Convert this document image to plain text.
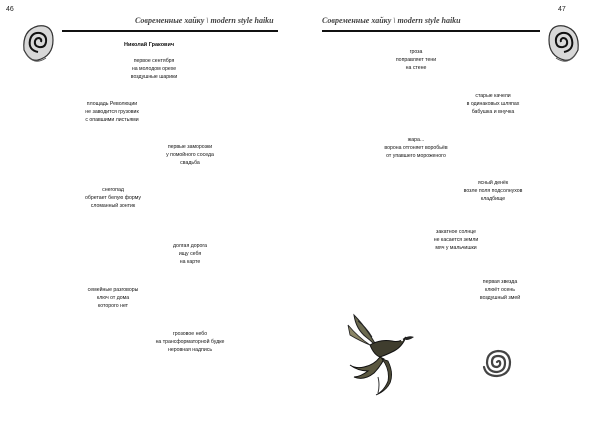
46
Современные хайку \ modern style haiku
Николай Гракович
первое сентября
на молодом орехе
воздушные шарики
площадь Революции
не заводится грузовик
с опавшими листьями
первые заморозки
у помойного соседа
свадьба
снегопад
обретает белую форму
сломанный зонтик
долгая дорога
ищу себя
на карте
семейные разговоры
ключ от дома
которого нет
грозовое небо
на трансформаторной будке
неровная надпись
47
Современные хайку \ modern style haiku
гроза
поправляет тени
на стене
старые качели
в одинаковых шляпах
бабушка и внучка
жара...
ворона отгоняет воробьёв
от упавшего мороженого
ясный денёк
возле поля подсолнухов
кладбище
закатное солнце
не касается земли
мяч у мальчишки
первая звезда
клюёт осень
воздушный змей
